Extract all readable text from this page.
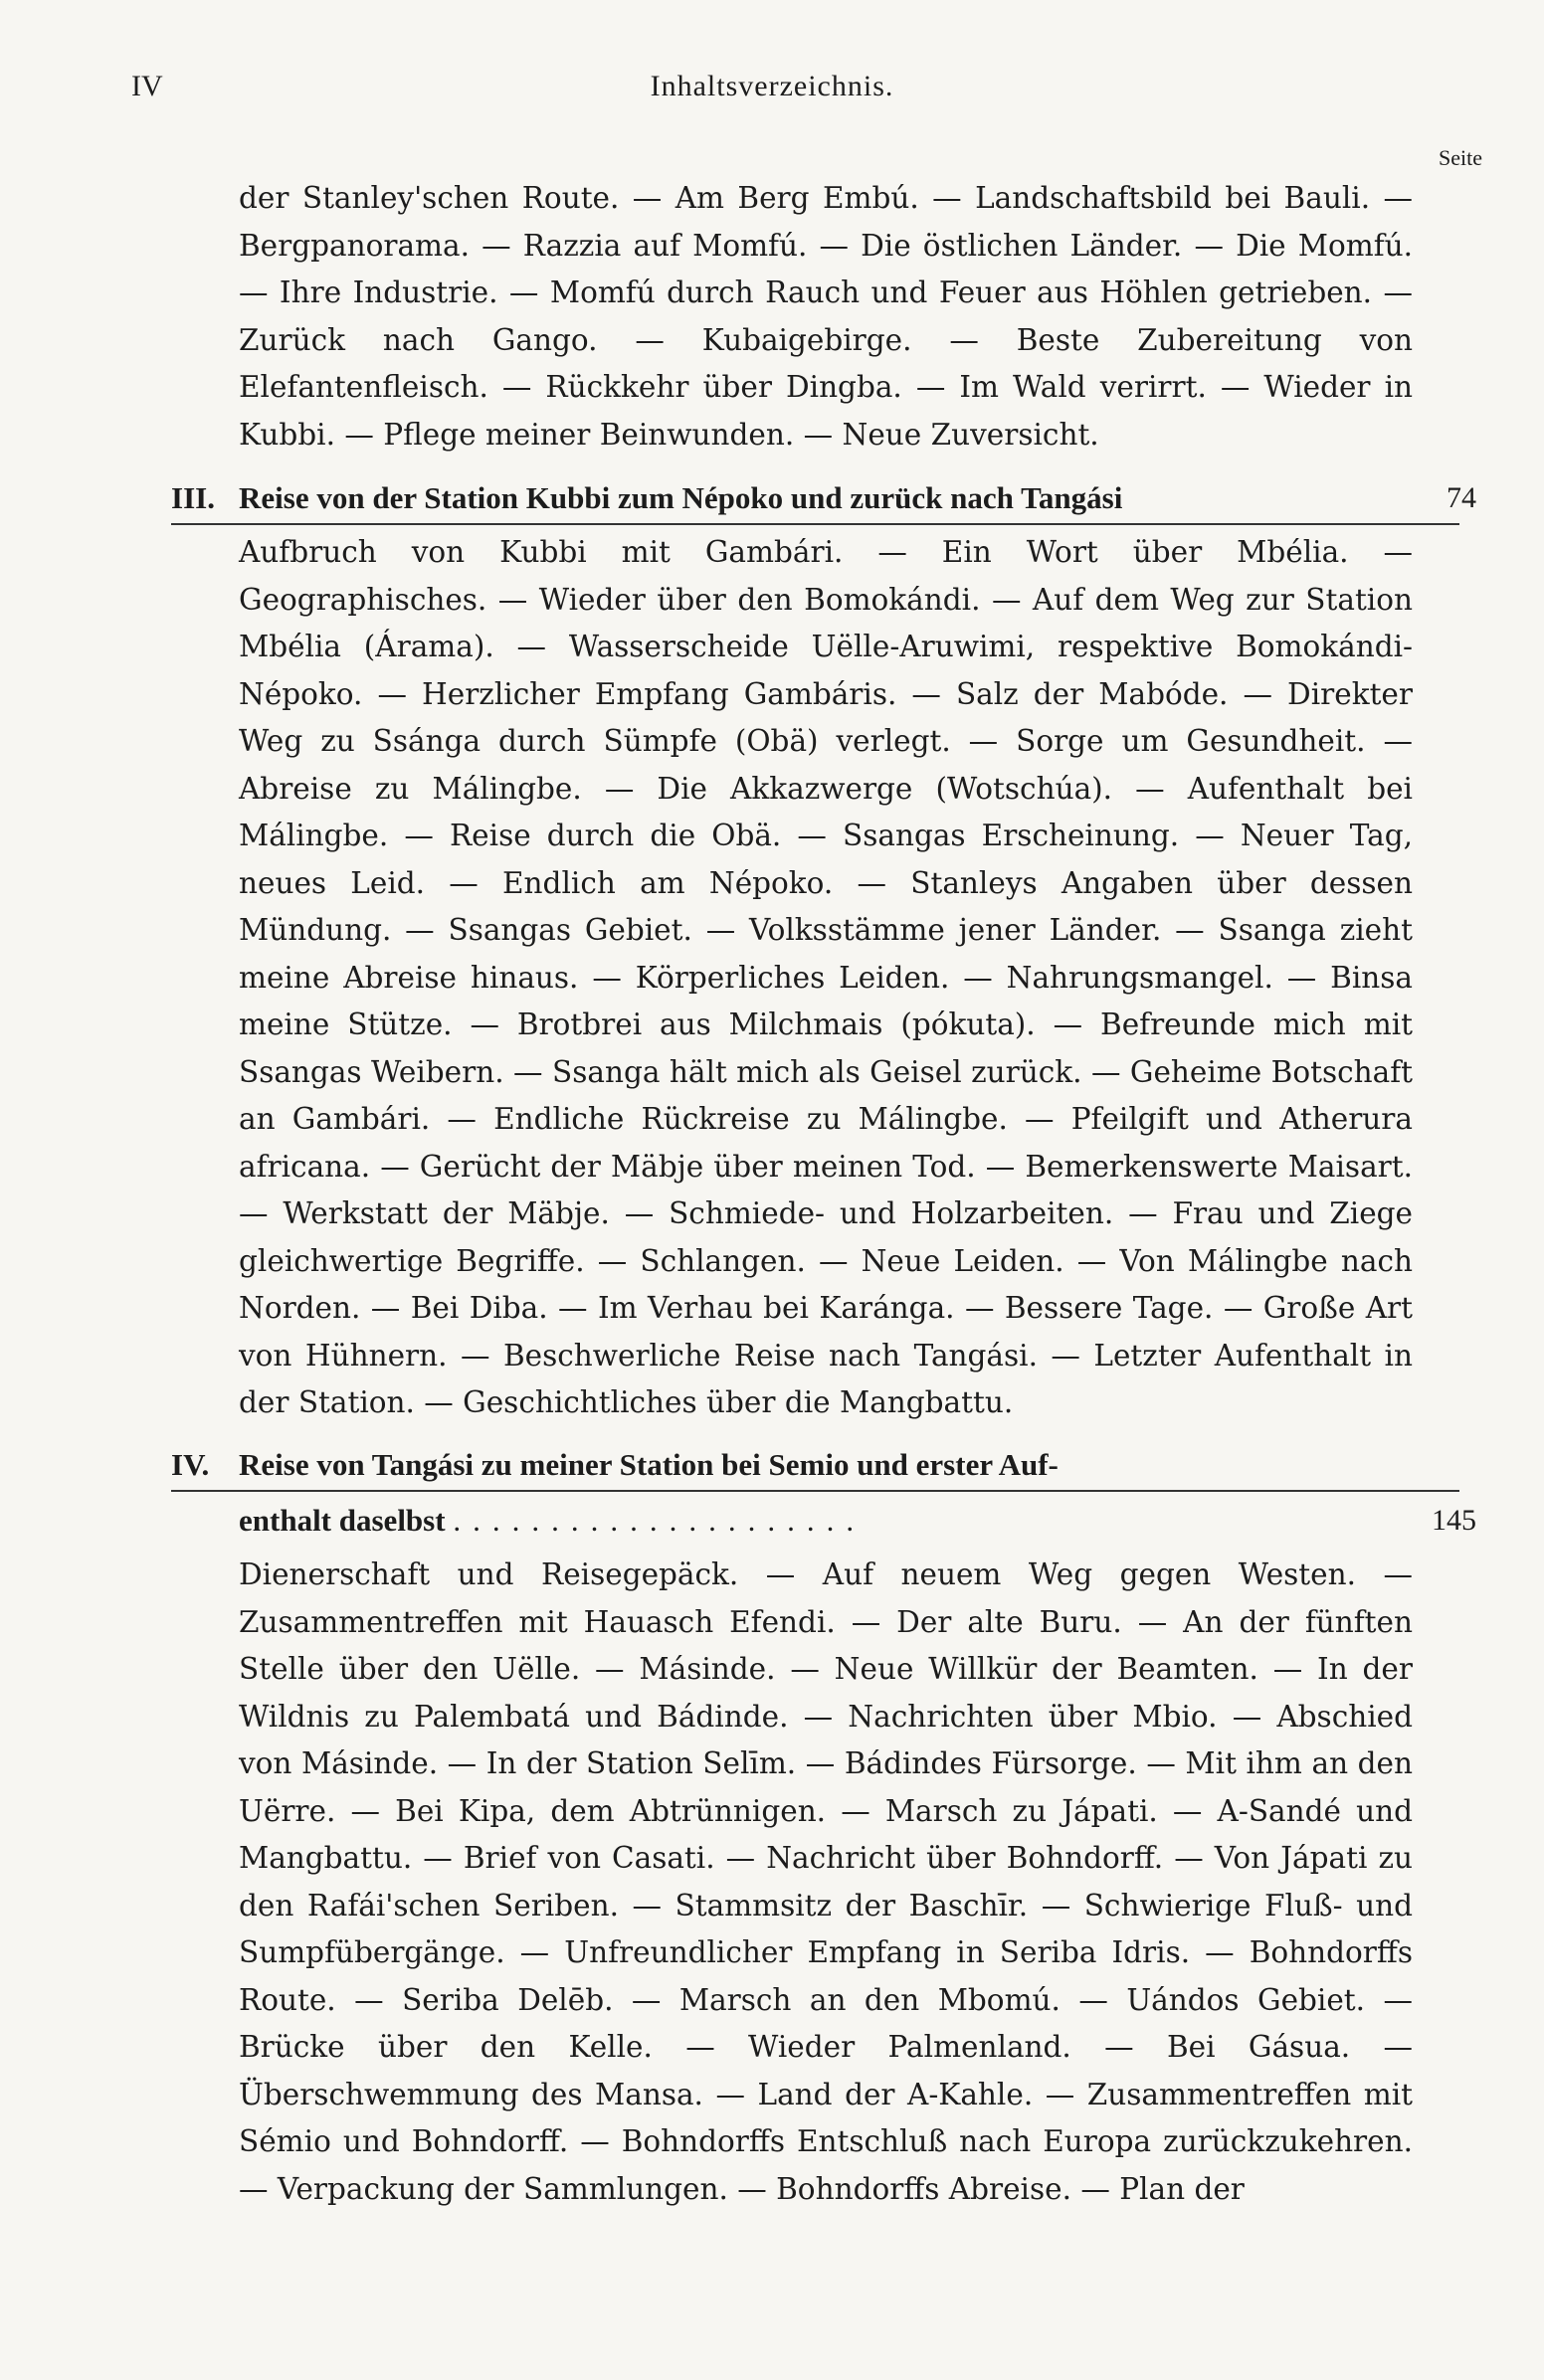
IV	Inhaltsverzeichnis.
Seite

der Stanley'schen Route. — Am Berg Embú. — Landschaftsbild bei Bauli. — Bergpanorama. — Razzia auf Momfú. — Die östlichen Länder. — Die Momfú. — Ihre Industrie. — Momfú durch Rauch und Feuer aus Höhlen getrieben. — Zurück nach Gango. — Kubaigebirge. — Beste Zubereitung von Elefantenfleisch. — Rückkehr über Dingba. — Im Wald verirrt. — Wieder in Kubbi. — Pflege meiner Beinwunden. — Neue Zuversicht.

III. Reise von der Station Kubbi zum Népoko und zurück nach Tangási	74

Aufbruch von Kubbi mit Gambári. — Ein Wort über Mbélia. — Geographisches. — Wieder über den Bomokándi. — Auf dem Weg zur Station Mbélia (Árama). — Wasserscheide Uëlle-Aruwimi, respektive Bomokándi-Népoko. — Herzlicher Empfang Gambáris. — Salz der Mabóde. — Direkter Weg zu Ssánga durch Sümpfe (Obä) verlegt. — Sorge um Gesundheit. — Abreise zu Málingbe. — Die Akkazwerge (Wotschúa). — Aufenthalt bei Málingbe. — Reise durch die Obä. — Ssangas Erscheinung. — Neuer Tag, neues Leid. — Endlich am Népoko. — Stanleys Angaben über dessen Mündung. — Ssangas Gebiet. — Volksstämme jener Länder. — Ssanga zieht meine Abreise hinaus. — Körperliches Leiden. — Nahrungsmangel. — Binsa meine Stütze. — Brotbrei aus Milchmais (pókuta). — Befreunde mich mit Ssangas Weibern. — Ssanga hält mich als Geisel zurück. — Geheime Botschaft an Gambári. — Endliche Rückreise zu Málingbe. — Pfeilgift und Atherura africana. — Gerücht der Mäbje über meinen Tod. — Bemerkenswerte Maisart. — Werkstatt der Mäbje. — Schmiede- und Holzarbeiten. — Frau und Ziege gleichwertige Begriffe. — Schlangen. — Neue Leiden. — Von Málingbe nach Norden. — Bei Diba. — Im Verhau bei Karánga. — Bessere Tage. — Große Art von Hühnern. — Beschwerliche Reise nach Tangási. — Letzter Aufenthalt in der Station. — Geschichtliches über die Mangbattu.

IV. Reise von Tangási zu meiner Station bei Semio und erster Auf-
enthalt daselbst .....................	145

Dienerschaft und Reisegepäck. — Auf neuem Weg gegen Westen. — Zusammentreffen mit Hauasch Efendi. — Der alte Buru. — An der fünften Stelle über den Uëlle. — Másinde. — Neue Willkür der Beamten. — In der Wildnis zu Palembatá und Bádinde. — Nachrichten über Mbio. — Abschied von Másinde. — In der Station Selīm. — Bádindes Fürsorge. — Mit ihm an den Uërre. — Bei Kipa, dem Abtrünnigen. — Marsch zu Jápati. — A-Sandé und Mangbattu. — Brief von Casati. — Nachricht über Bohndorff. — Von Jápati zu den Rafái'schen Seriben. — Stammsitz der Baschīr. — Schwierige Fluß- und Sumpfübergänge. — Unfreundlicher Empfang in Seriba Idris. — Bohndorffs Route. — Seriba Delēb. — Marsch an den Mbomú. — Uándos Gebiet. — Brücke über den Kelle. — Wieder Palmenland. — Bei Gásua. — Überschwemmung des Mansa. — Land der A-Kahle. — Zusammentreffen mit Sémio und Bohndorff. — Bohndorffs Entschluß nach Europa zurückzukehren. — Verpackung der Sammlungen. — Bohndorffs Abreise. — Plan der
